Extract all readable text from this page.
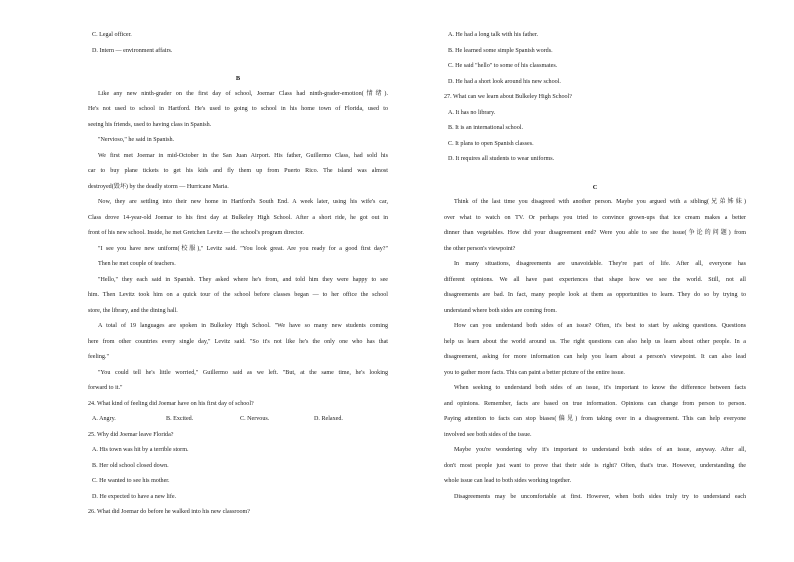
C. Legal officer.
D. Intern — environment affairs.
B
Like any new ninth-grader on the first day of school, Joemar Class had ninth-grader-emotion(情绪).
He's not used to school in Hartford. He's used to going to school in his home town of Florida, used to
seeing his friends, used to having class in Spanish.
"Nervioso," he said in Spanish.
We first met Joemar in mid-October in the San Juan Airport. His father, Guillermo Class, had sold his
car to buy plane tickets to get his kids and fly them up from Puerto Rico. The island was almost
destroyed(毁坏) by the deadly storm — Hurricane Maria.
Now, they are settling into their new home in Hartford's South End. A week later, using his wife's car,
Class drove 14-year-old Joemar to his first day at Bulkeley High School. After a short ride, he got out in
front of his new school. Inside, he met Gretchen Levitz — the school's program director.
"I see you have new uniform(校服)," Levitz said. "You look great. Are you ready for a good first day?"
Then he met couple of teachers.
"Hello," they each said in Spanish. They asked where he's from, and told him they were happy to see
him. Then Levitz took him on a quick tour of the school before classes began — to her office the school
store, the library, and the dining hall.
A total of 19 languages are spoken in Bulkeley High School. "We have so many new students coming
here from other countries every single day," Levitz said. "So it's not like he's the only one who has that
feeling."
"You could tell he's little worried," Guillermo said as we left. "But, at the same time, he's looking
forward to it."
24. What kind of feeling did Joemar have on his first day of school?
A. Angry.	B. Excited.	C. Nervous.	D. Relaxed.
25. Why did Joemar leave Florida?
A. His town was hit by a terrible storm.
B. Her old school closed down.
C. He wanted to see his mother.
D. He expected to have a new life.
26. What did Joemar do before he walked into his new classroom?
A. He had a long talk with his father.
B. He learned some simple Spanish words.
C. He said "hello" to some of his classmates.
D. He had a short look around his new school.
27. What can we learn about Bulkeley High School?
A. It has no library.
B. It is an international school.
C. It plans to open Spanish classes.
D. It requires all students to wear uniforms.
C
Think of the last time you disagreed with another person. Maybe you argued with a sibling(兄弟姊妹)
over what to watch on TV. Or perhaps you tried to convince grown-ups that ice cream makes a better
dinner than vegetables. How did your disagreement end? Were you able to see the issue(争论的问题) from
the other person's viewpoint?
In many situations, disagreements are unavoidable. They're part of life. After all, everyone has
different opinions. We all have past experiences that shape how we see the world. Still, not all
disagreements are bad. In fact, many people look at them as opportunities to learn. They do so by trying to
understand where both sides are coming from.
How can you understand both sides of an issue? Often, it's best to start by asking questions. Questions
help us learn about the world around us. The right questions can also help us learn about other people. In a
disagreement, asking for more information can help you learn about a person's viewpoint. It can also lead
you to gather more facts. This can paint a better picture of the entire issue.
When seeking to understand both sides of an issue, it's important to know the difference between facts
and opinions. Remember, facts are based on true information. Opinions can change from person to person.
Paying attention to facts can stop biases(偏见) from taking over in a disagreement. This can help everyone
involved see both sides of the issue.
Maybe you're wondering why it's important to understand both sides of an issue, anyway. After all,
don't most people just want to prove that their side is right? Often, that's true. However, understanding the
whole issue can lead to both sides working together.
Disagreements may be uncomfortable at first. However, when both sides truly try to understand each
